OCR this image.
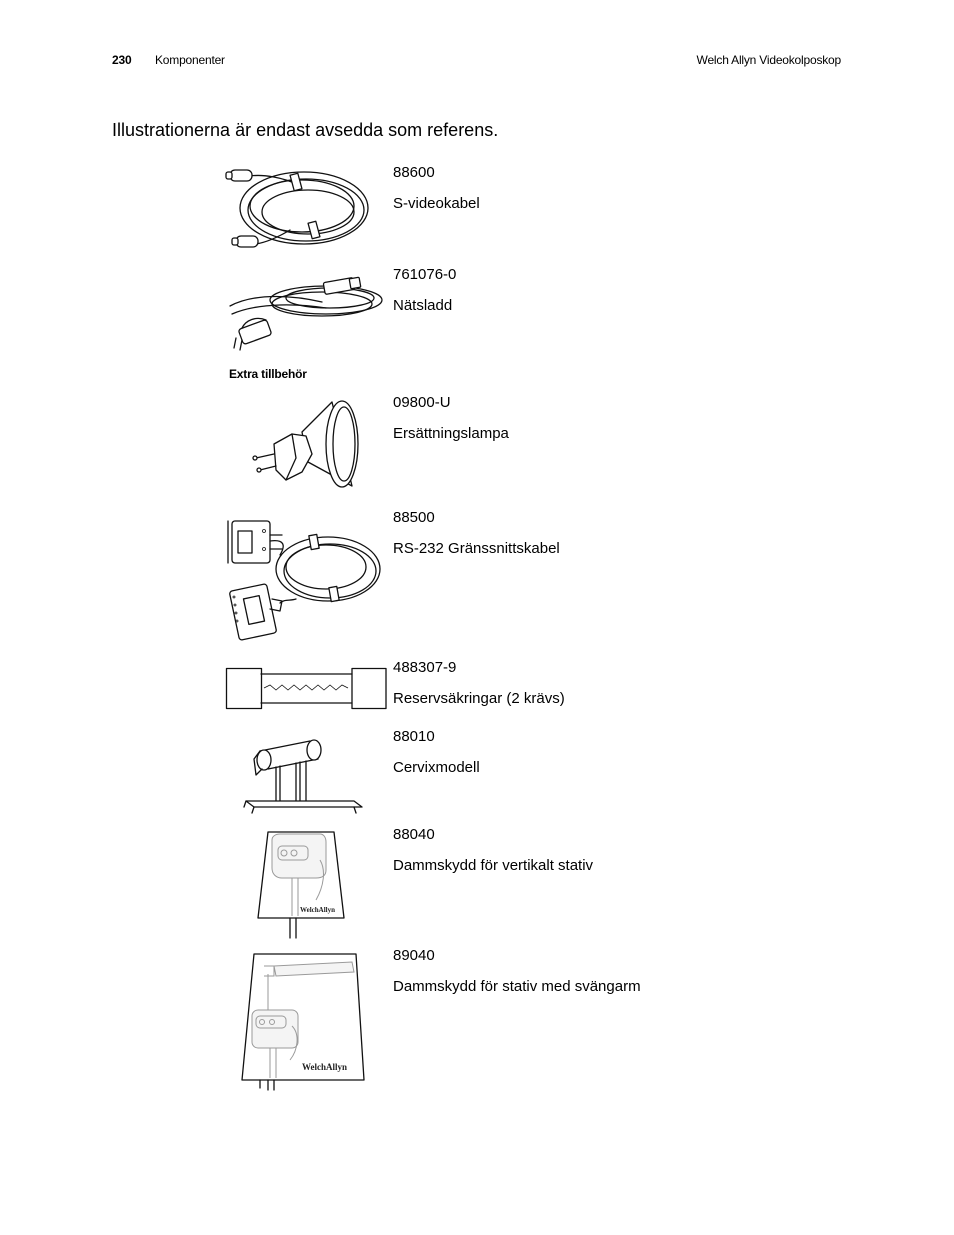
230 Komponenter	Welch Allyn Videokolposkop
Illustrationerna är endast avsedda som referens.
88600
S-videokabel
761076-0
Nätsladd
Extra tillbehör
09800-U
Ersättningslampa
88500
RS-232 Gränssnittskabel
488307-9
Reservsäkringar (2 krävs)
88010
Cervixmodell
WelchAllyn
88040
Dammskydd för vertikalt stativ
WelchAllyn
89040
Dammskydd för stativ med svängarm
